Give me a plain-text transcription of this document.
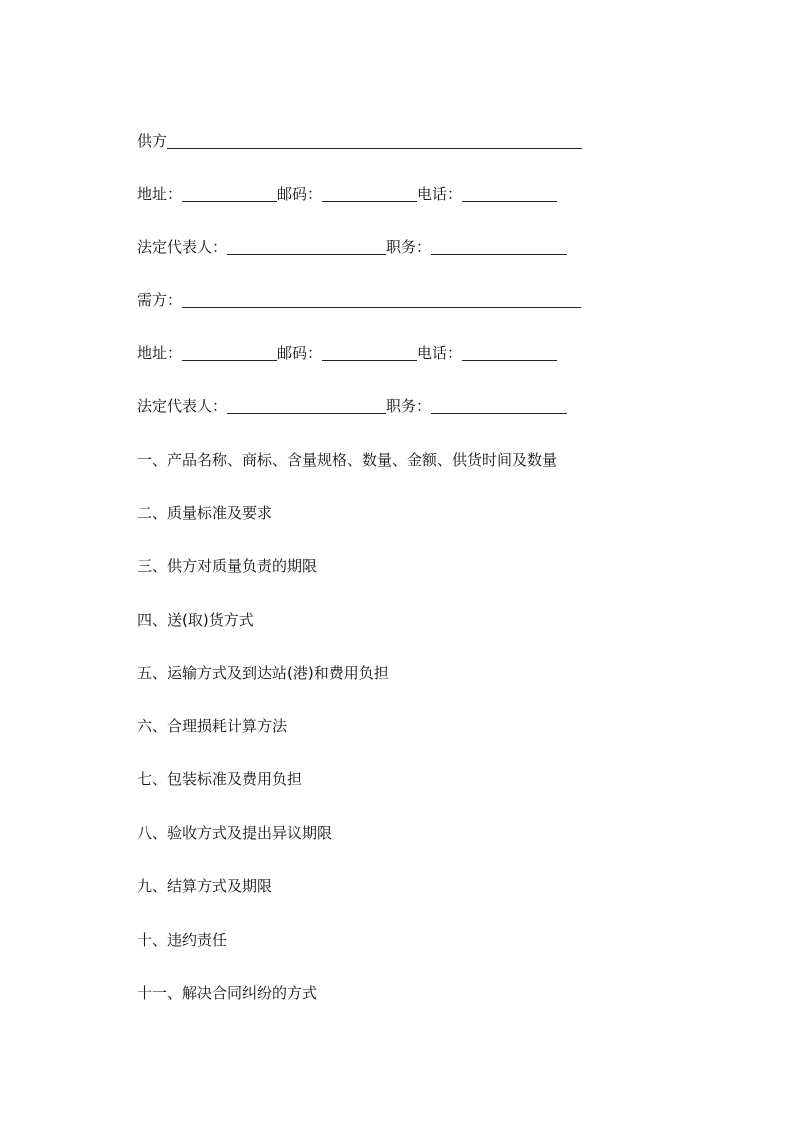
供方
地址：	邮码：	电话：
法定代表人：	职务：
需方：
地址：	邮码：	电话：
法定代表人：	职务：
一、产品名称、商标、含量规格、数量、金额、供货时间及数量
二、质量标准及要求
三、供方对质量负责的期限
四、送(取)货方式
五、运输方式及到达站(港)和费用负担
六、合理损耗计算方法
七、包装标准及费用负担
八、验收方式及提出异议期限
九、结算方式及期限
十、违约责任
十一、解决合同纠纷的方式
